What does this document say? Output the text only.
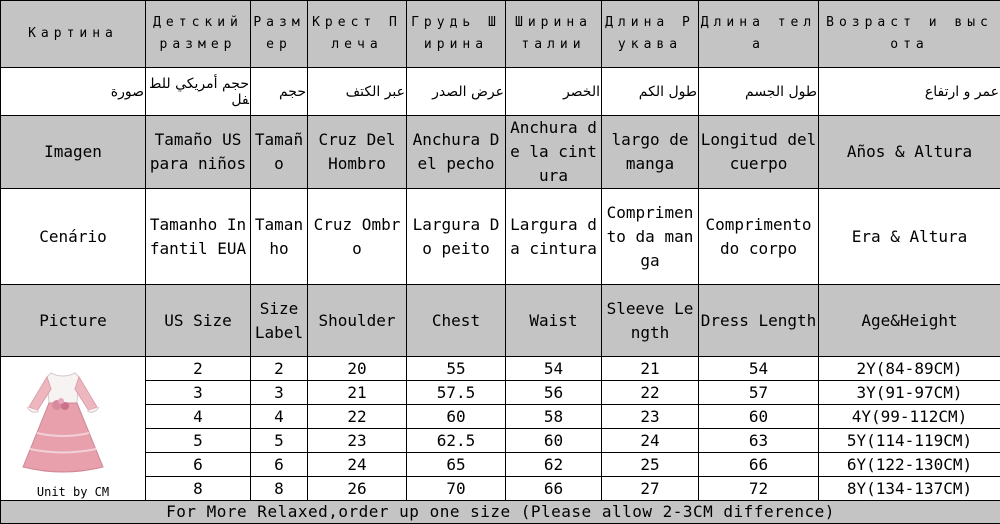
Картина	Детский размер	Размер	Крест Плеча	Грудь Ширина	Ширина талии	Длина Рукава	Длина тела	Возраст и высота
صورة	حجم أمريكي للطفل	حجم	عبر الكتف	عرض الصدر	الخصر	طول الكم	طول الجسم	عمر و ارتفاع
Imagen	Tamaño US para niños	Tamaño	Cruz Del Hombro	Anchura Del pecho	Anchura de la cintura	largo de manga	Longitud del cuerpo	Años & Altura
Cenário	Tamanho Infantil EUA	Tamanho	Cruz Ombro	Largura Do peito	Largura da cintura	Comprimento da manga	Comprimento do corpo	Era & Altura
Picture	US Size	Size Label	Shoulder	Chest	Waist	Sleeve Length	Dress Length	Age&Height

Unit by CM	2	2	20	55	54	21	54	2Y(84-89CM)
	3	3	21	57.5	56	22	57	3Y(91-97CM)
	4	4	22	60	58	23	60	4Y(99-112CM)
	5	5	23	62.5	60	24	63	5Y(114-119CM)
	6	6	24	65	62	25	66	6Y(122-130CM)
	8	8	26	70	66	27	72	8Y(134-137CM)
For More Relaxed,order up one size (Please allow 2-3CM difference)								
